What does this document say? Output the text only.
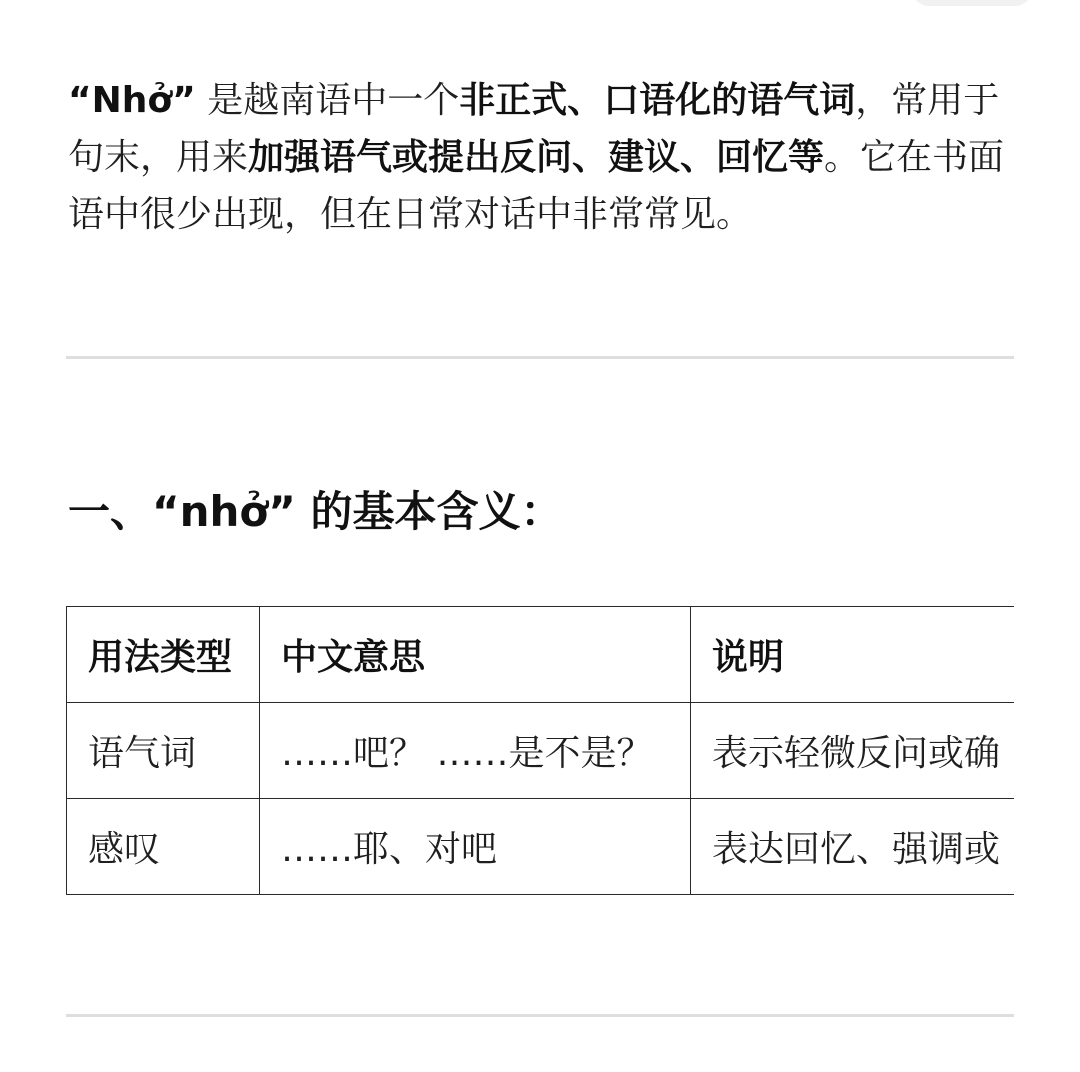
“Nhở” 是越南语中一个非正式、口语化的语气词，常用于句末，用来加强语气或提出反问、建议、回忆等。它在书面语中很少出现，但在日常对话中非常常见。

一、“nhở” 的基本含义：
用法类型	中文意思	说明
语气词	……吧？ ……是不是？	表示轻微反问或确
感叹	……耶、对吧	表达回忆、强调或
